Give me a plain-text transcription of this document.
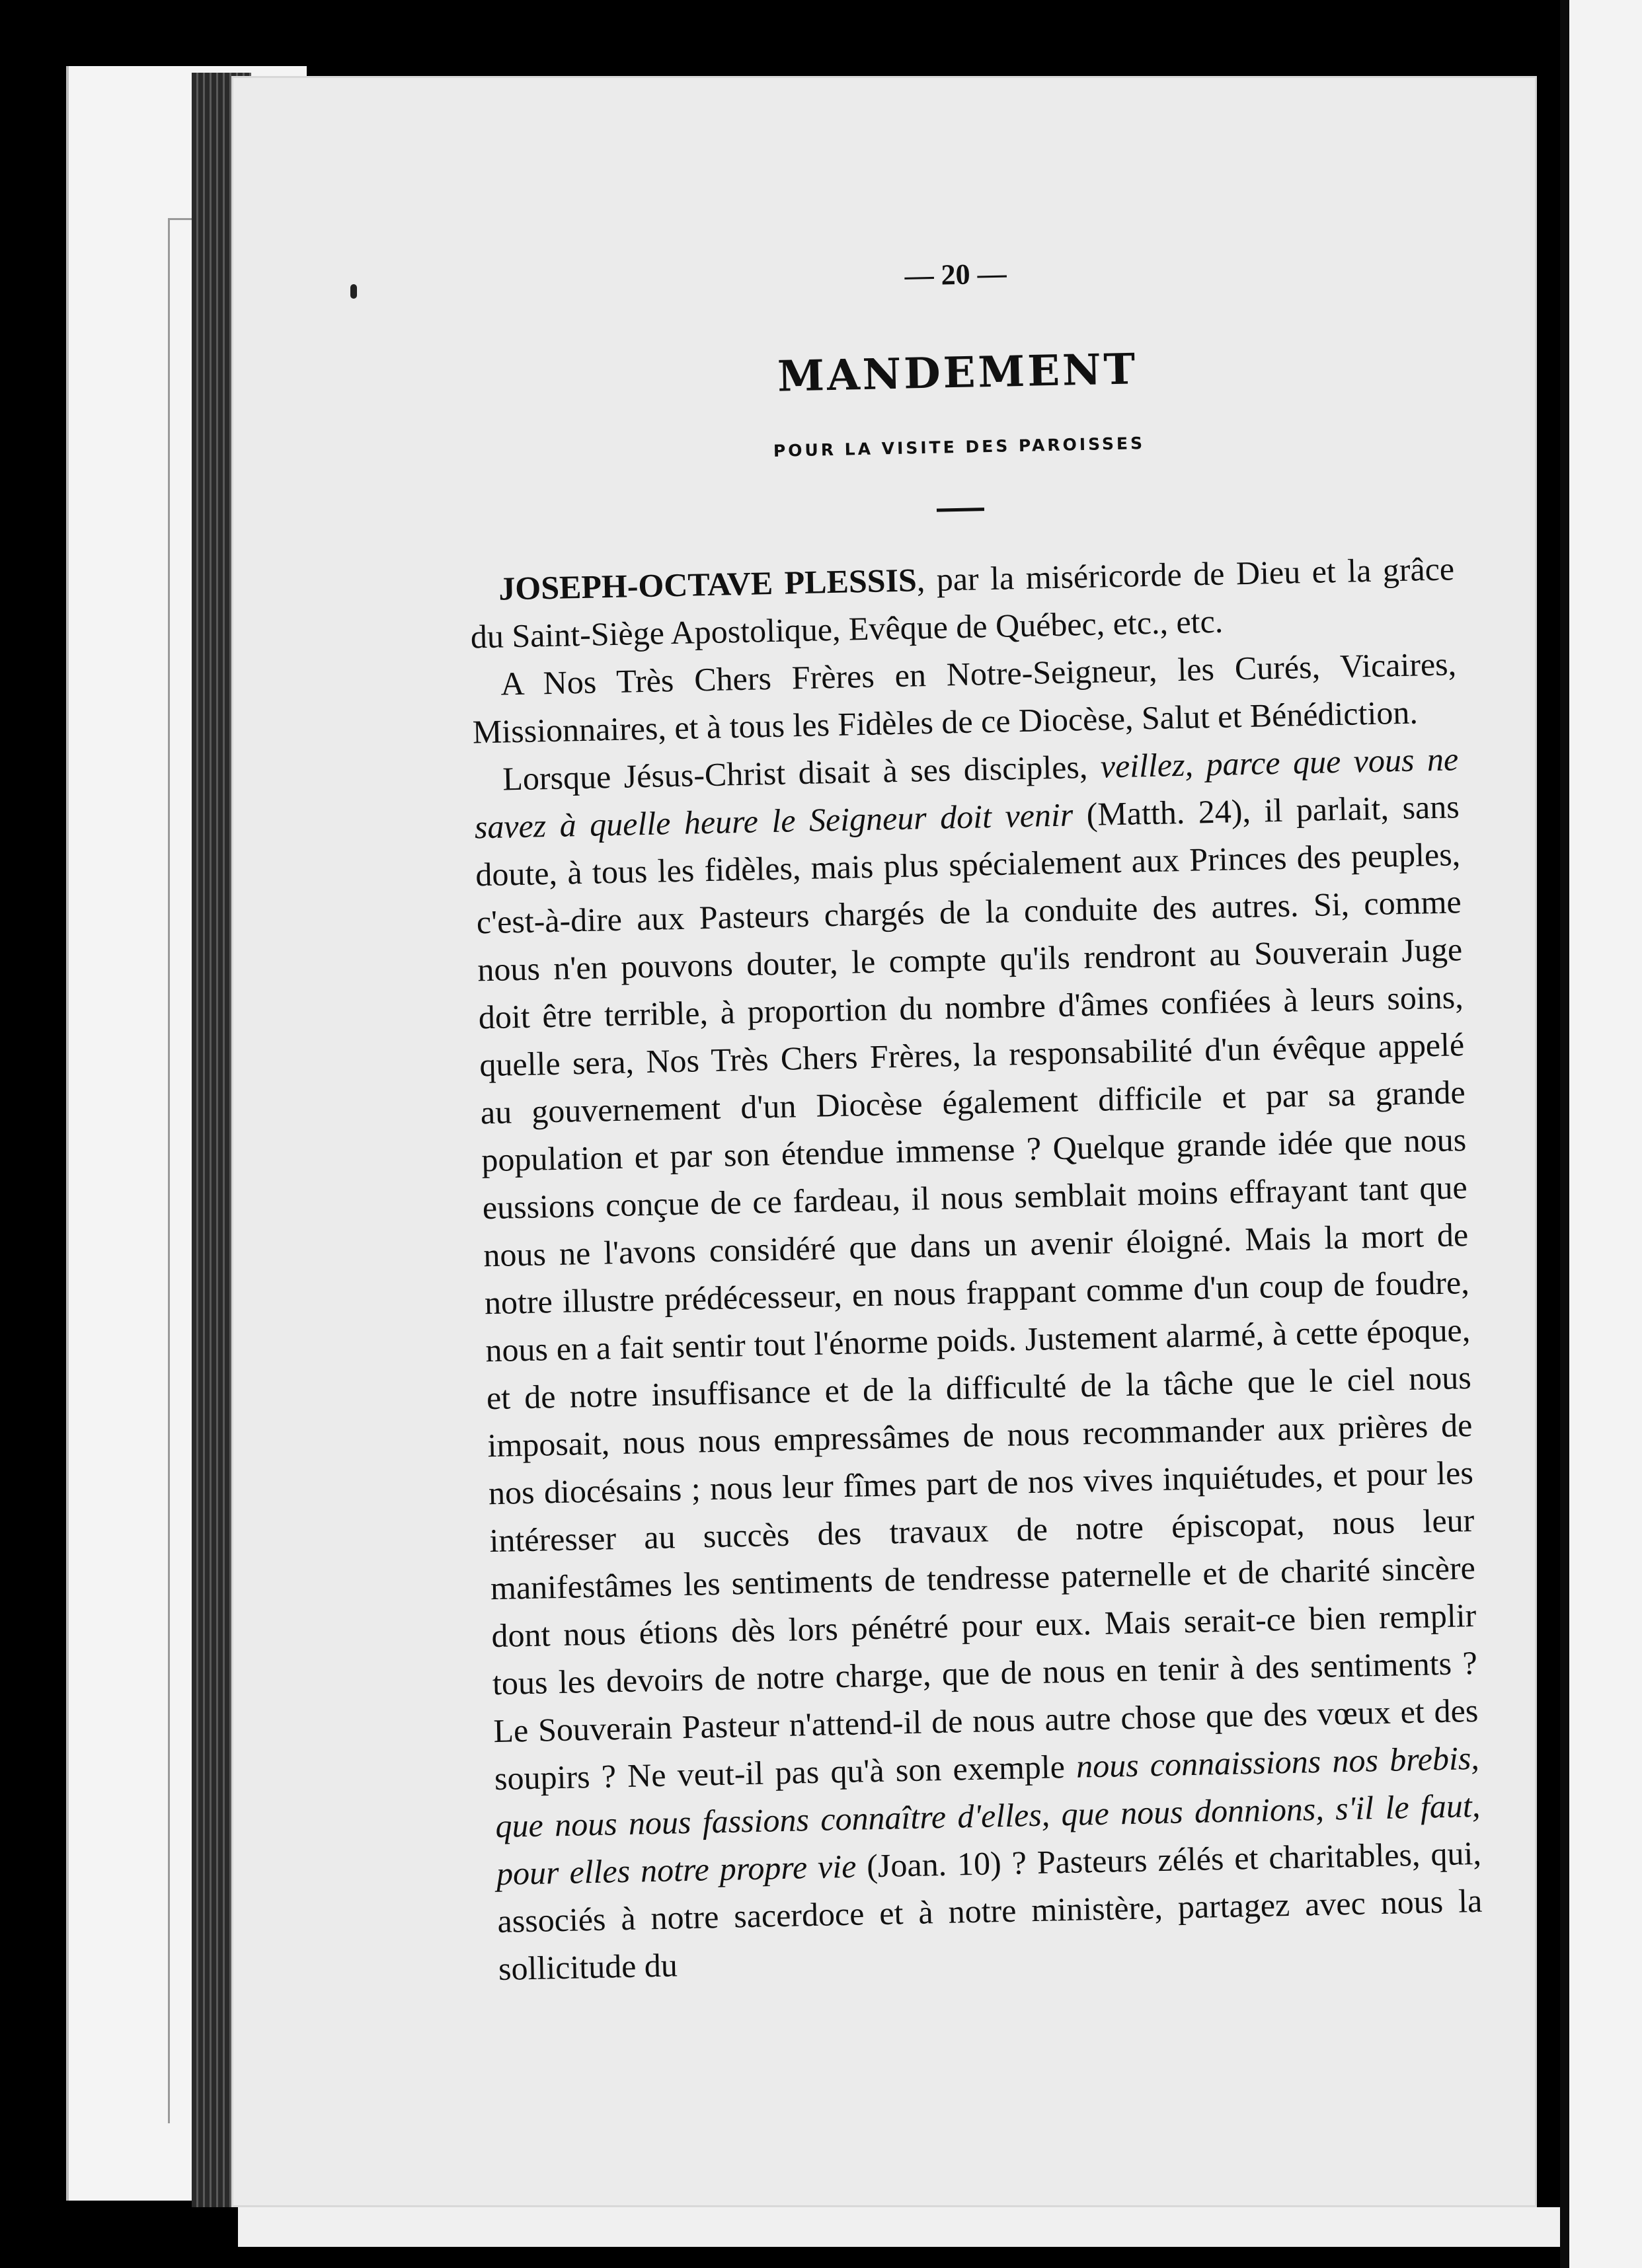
— 20 —
MANDEMENT
POUR LA VISITE DES PAROISSES

JOSEPH-OCTAVE PLESSIS, par la miséricorde de Dieu et la grâce du Saint-Siège Apostolique, Evêque de Québec, etc., etc.

A Nos Très Chers Frères en Notre-Seigneur, les Curés, Vicaires, Missionnaires, et à tous les Fidèles de ce Diocèse, Salut et Bénédiction.

Lorsque Jésus-Christ disait à ses disciples, veillez, parce que vous ne savez à quelle heure le Seigneur doit venir (Matth. 24), il parlait, sans doute, à tous les fidèles, mais plus spécialement aux Princes des peuples, c'est-à-dire aux Pasteurs chargés de la conduite des autres. Si, comme nous n'en pouvons douter, le compte qu'ils rendront au Souverain Juge doit être terrible, à proportion du nombre d'âmes confiées à leurs soins, quelle sera, Nos Très Chers Frères, la responsabilité d'un évêque appelé au gouvernement d'un Diocèse également difficile et par sa grande population et par son étendue immense ? Quelque grande idée que nous eussions conçue de ce fardeau, il nous semblait moins effrayant tant que nous ne l'avons considéré que dans un avenir éloigné. Mais la mort de notre illustre prédécesseur, en nous frappant comme d'un coup de foudre, nous en a fait sentir tout l'énorme poids. Justement alarmé, à cette époque, et de notre insuffisance et de la difficulté de la tâche que le ciel nous imposait, nous nous empressâmes de nous recommander aux prières de nos diocésains ; nous leur fîmes part de nos vives inquiétudes, et pour les intéresser au succès des travaux de notre épiscopat, nous leur manifestâmes les sentiments de tendresse paternelle et de charité sincère dont nous étions dès lors pénétré pour eux. Mais serait-ce bien remplir tous les devoirs de notre charge, que de nous en tenir à des sentiments ? Le Souverain Pasteur n'attend-il de nous autre chose que des vœux et des soupirs ? Ne veut-il pas qu'à son exemple nous connaissions nos brebis, que nous nous fassions connaître d'elles, que nous donnions, s'il le faut, pour elles notre propre vie (Joan. 10) ? Pasteurs zélés et charitables, qui, associés à notre sacerdoce et à notre ministère, partagez avec nous la sollicitude du
